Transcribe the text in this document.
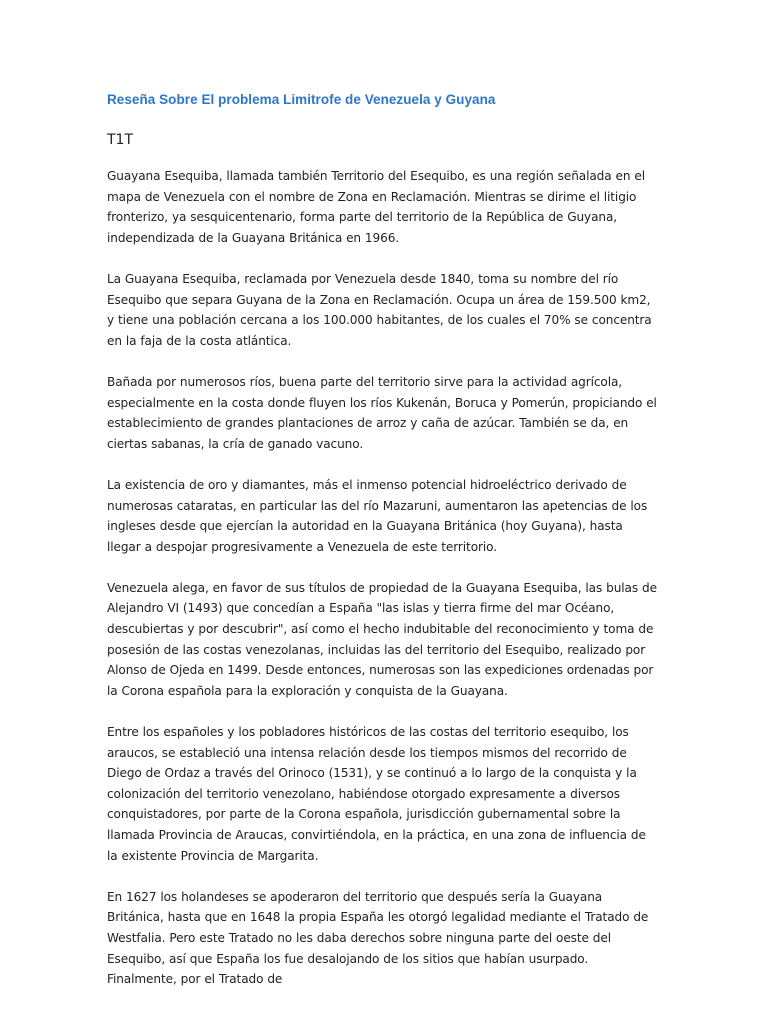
Reseña Sobre El problema Limitrofe de Venezuela y Guyana
T1T

Guayana Esequiba, llamada también Territorio del Esequibo, es una región señalada en el mapa de Venezuela con el nombre de Zona en Reclamación. Mientras se dirime el litigio fronterizo, ya sesquicentenario, forma parte del territorio de la República de Guyana, independizada de la Guayana Británica en 1966.

La Guayana Esequiba, reclamada por Venezuela desde 1840, toma su nombre del río Esequibo que separa Guyana de la Zona en Reclamación. Ocupa un área de 159.500 km2, y tiene una población cercana a los 100.000 habitantes, de los cuales el 70% se concentra en la faja de la costa atlántica.

Bañada por numerosos ríos, buena parte del territorio sirve para la actividad agrícola, especialmente en la costa donde fluyen los ríos Kukenán, Boruca y Pomerún, propiciando el establecimiento de grandes plantaciones de arroz y caña de azúcar. También se da, en ciertas sabanas, la cría de ganado vacuno.

La existencia de oro y diamantes, más el inmenso potencial hidroeléctrico derivado de numerosas cataratas, en particular las del río Mazaruni, aumentaron las apetencias de los ingleses desde que ejercían la autoridad en la Guayana Británica (hoy Guyana), hasta llegar a despojar progresivamente a Venezuela de este territorio.

Venezuela alega, en favor de sus títulos de propiedad de la Guayana Esequiba, las bulas de Alejandro VI (1493) que concedían a España "las islas y tierra firme del mar Océano, descubiertas y por descubrir", así como el hecho indubitable del reconocimiento y toma de posesión de las costas venezolanas, incluidas las del territorio del Esequibo, realizado por Alonso de Ojeda en 1499. Desde entonces, numerosas son las expediciones ordenadas por la Corona española para la exploración y conquista de la Guayana.

Entre los españoles y los pobladores históricos de las costas del territorio esequibo, los araucos, se estableció una intensa relación desde los tiempos mismos del recorrido de Diego de Ordaz a través del Orinoco (1531), y se continuó a lo largo de la conquista y la colonización del territorio venezolano, habiéndose otorgado expresamente a diversos conquistadores, por parte de la Corona española, jurisdicción gubernamental sobre la llamada Provincia de Araucas, convirtiéndola, en la práctica, en una zona de influencia de la existente Provincia de Margarita.

En 1627 los holandeses se apoderaron del territorio que después sería la Guayana Británica, hasta que en 1648 la propia España les otorgó legalidad mediante el Tratado de Westfalia. Pero este Tratado no les daba derechos sobre ninguna parte del oeste del Esequibo, así que España los fue desalojando de los sitios que habían usurpado. Finalmente, por el Tratado de
